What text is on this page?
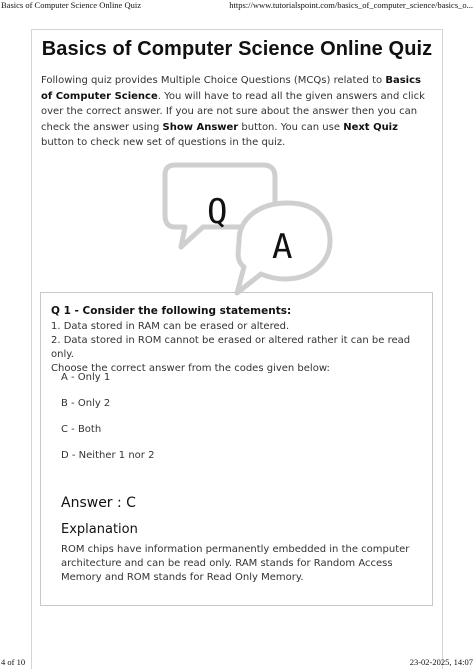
Basics of Computer Science Online Quiz	https://www.tutorialspoint.com/basics_of_computer_science/basics_o...
Basics of Computer Science Online Quiz
Following quiz provides Multiple Choice Questions (MCQs) related to Basics of Computer Science. You will have to read all the given answers and click over the correct answer. If you are not sure about the answer then you can check the answer using Show Answer button. You can use Next Quiz button to check new set of questions in the quiz.
Q
A
Q 1 - Consider the following statements:
1. Data stored in RAM can be erased or altered.
2. Data stored in ROM cannot be erased or altered rather it can be read only.
Choose the correct answer from the codes given below:
A - Only 1
B - Only 2
C - Both
D - Neither 1 nor 2
Answer : C
Explanation
ROM chips have information permanently embedded in the computer architecture and can be read only. RAM stands for Random Access Memory and ROM stands for Read Only Memory.
4 of 10	23-02-2025, 14:07
